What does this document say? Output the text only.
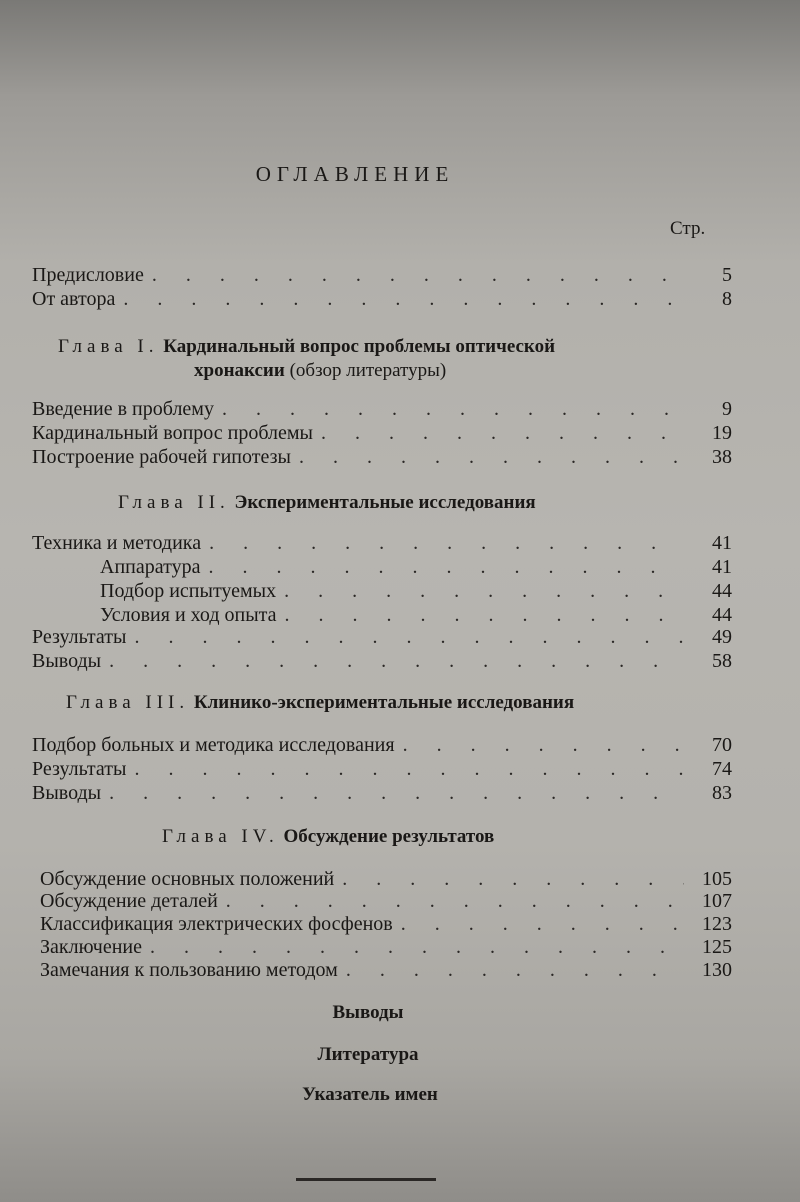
ОГЛАВЛЕНИЕ
Стр.
Предисловие . . .	5
От автора . . .	8
Глава I. Кардинальный вопрос проблемы оптической
хронаксии (обзор литературы)
Введение в проблему . . .	9
Кардинальный вопрос проблемы . . .	19
Построение рабочей гипотезы . . .	38
Глава II. Экспериментальные исследования
Техника и методика . . .	41
Аппаратура . . .	41
Подбор испытуемых . . .	44
Условия и ход опыта . . .	44
Результаты . . .	49
Выводы . . .	58
Глава III. Клинико-экспериментальные исследования
Подбор больных и методика исследования . . .	70
Результаты . . .	74
Выводы . . .	83
Глава IV. Обсуждение результатов
Обсуждение основных положений . . .	105
Обсуждение деталей . . .	107
Классификация электрических фосфенов . . .	123
Заключение . . .	125
Замечания к пользованию методом . . .	130
Выводы
Литература
Указатель имен
